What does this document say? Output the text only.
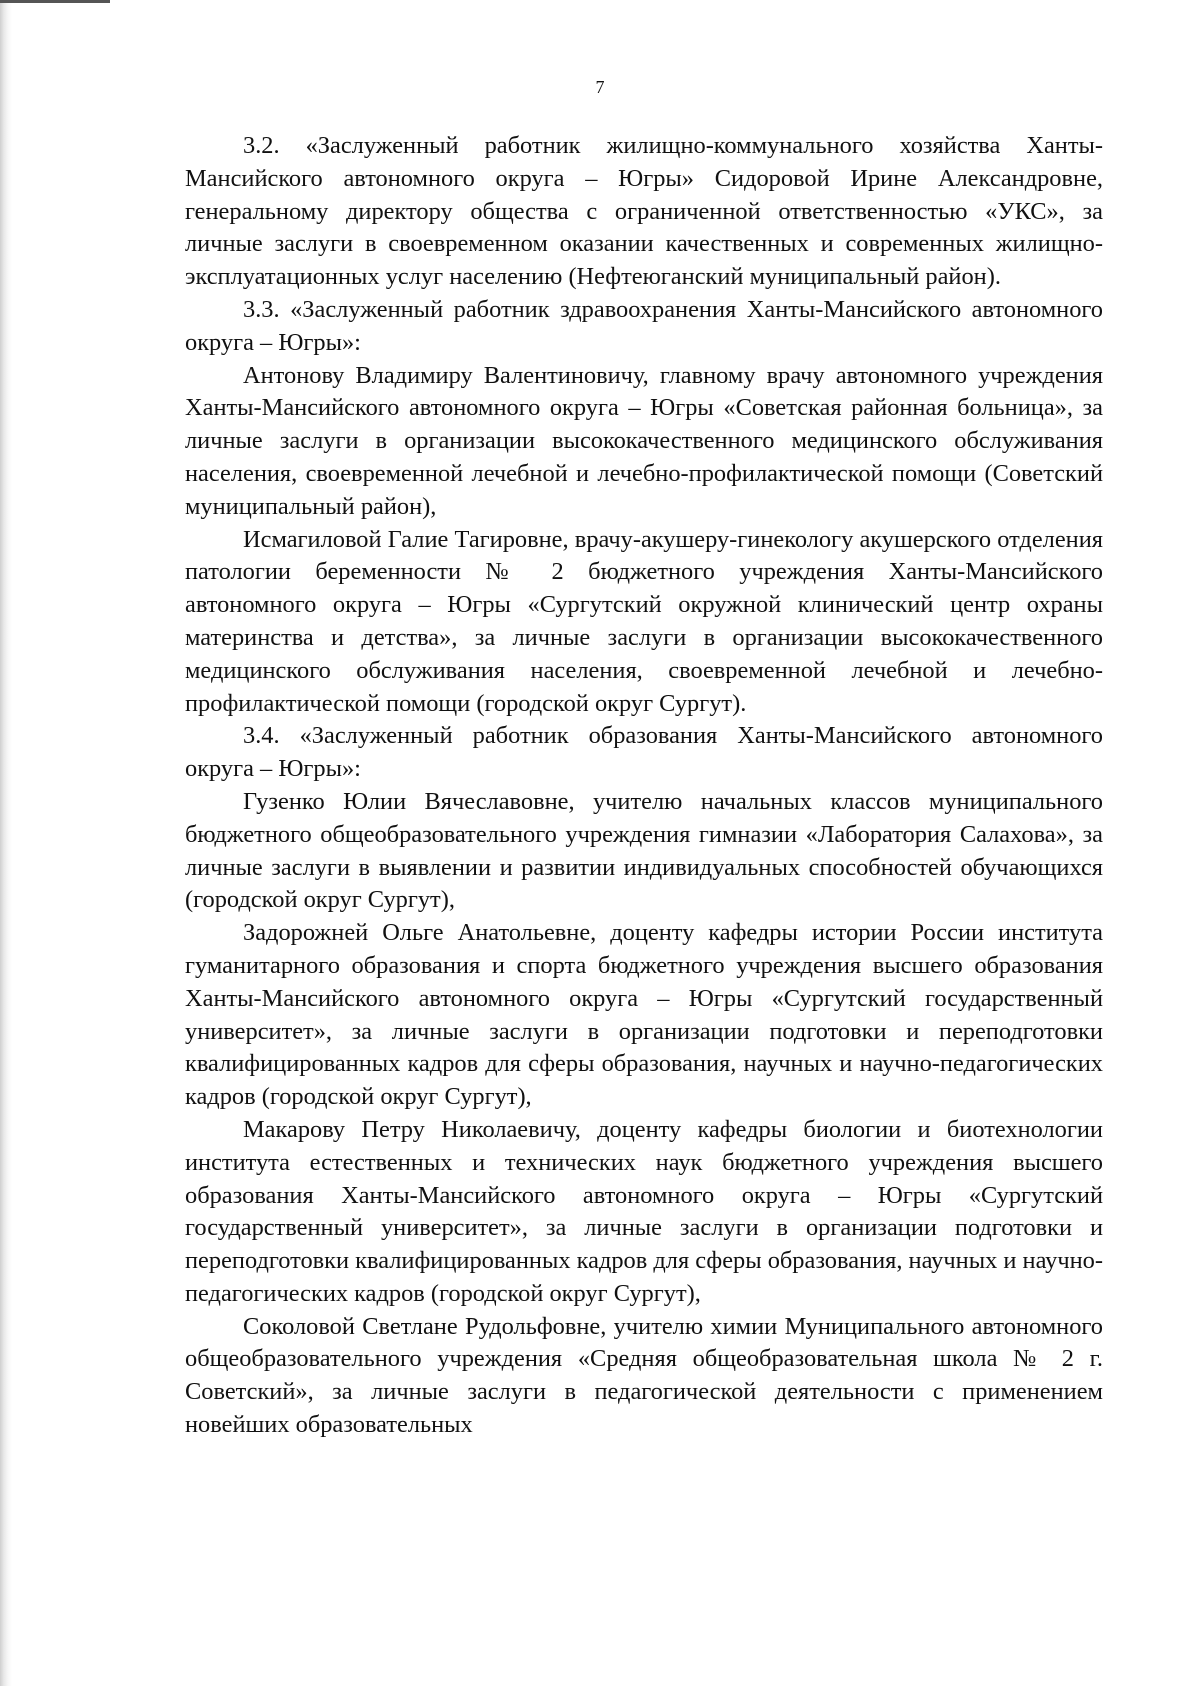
7

3.2. «Заслуженный работник жилищно-коммунального хозяйства Ханты-Мансийского автономного округа – Югры» Сидоровой Ирине Александровне, генеральному директору общества с ограниченной ответственностью «УКС», за личные заслуги в своевременном оказании качественных и современных жилищно-эксплуатационных услуг населению (Нефтеюганский муниципальный район).

3.3. «Заслуженный работник здравоохранения Ханты-Мансийского автономного округа – Югры»:

Антонову Владимиру Валентиновичу, главному врачу автономного учреждения Ханты-Мансийского автономного округа – Югры «Советская районная больница», за личные заслуги в организации высококачественного медицинского обслуживания населения, своевременной лечебной и лечебно-профилактической помощи (Советский муниципальный район),

Исмагиловой Галие Тагировне, врачу-акушеру-гинекологу акушерского отделения патологии беременности № 2 бюджетного учреждения Ханты-Мансийского автономного округа – Югры «Сургутский окружной клинический центр охраны материнства и детства», за личные заслуги в организации высококачественного медицинского обслуживания населения, своевременной лечебной и лечебно-профилактической помощи (городской округ Сургут).

3.4. «Заслуженный работник образования Ханты-Мансийского автономного округа – Югры»:

Гузенко Юлии Вячеславовне, учителю начальных классов муниципального бюджетного общеобразовательного учреждения гимназии «Лаборатория Салахова», за личные заслуги в выявлении и развитии индивидуальных способностей обучающихся (городской округ Сургут),

Задорожней Ольге Анатольевне, доценту кафедры истории России института гуманитарного образования и спорта бюджетного учреждения высшего образования Ханты-Мансийского автономного округа – Югры «Сургутский государственный университет», за личные заслуги в организации подготовки и переподготовки квалифицированных кадров для сферы образования, научных и научно-педагогических кадров (городской округ Сургут),

Макарову Петру Николаевичу, доценту кафедры биологии и биотехнологии института естественных и технических наук бюджетного учреждения высшего образования Ханты-Мансийского автономного округа – Югры «Сургутский государственный университет», за личные заслуги в организации подготовки и переподготовки квалифицированных кадров для сферы образования, научных и научно-педагогических кадров (городской округ Сургут),

Соколовой Светлане Рудольфовне, учителю химии Муниципального автономного общеобразовательного учреждения «Средняя общеобразовательная школа № 2 г. Советский», за личные заслуги в педагогической деятельности с применением новейших образовательных
